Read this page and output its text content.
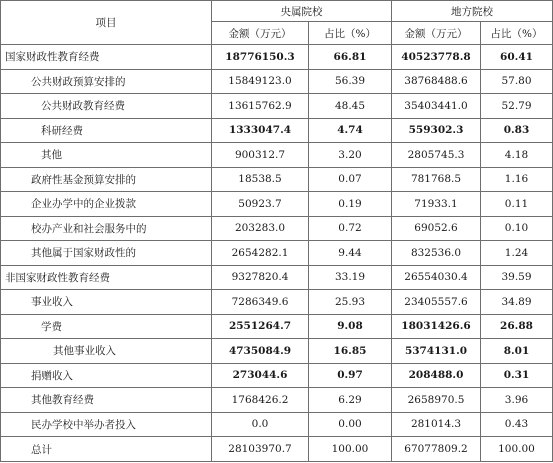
项目	央属院校		地方院校	
	金额（万元）	占比（%）	金额（万元）	占比（%）
国家财政性教育经费	18776150.3	66.81	40523778.8	60.41
公共财政预算安排的	15849123.0	56.39	38768488.6	57.80
公共财政教育经费	13615762.9	48.45	35403441.0	52.79
科研经费	1333047.4	4.74	559302.3	0.83
其他	900312.7	3.20	2805745.3	4.18
政府性基金预算安排的	18538.5	0.07	781768.5	1.16
企业办学中的企业拨款	50923.7	0.19	71933.1	0.11
校办产业和社会服务中的	203283.0	0.72	69052.6	0.10
其他属于国家财政性的	2654282.1	9.44	832536.0	1.24
非国家财政性教育经费	9327820.4	33.19	26554030.4	39.59
事业收入	7286349.6	25.93	23405557.6	34.89
学费	2551264.7	9.08	18031426.6	26.88
其他事业收入	4735084.9	16.85	5374131.0	8.01
捐赠收入	273044.6	0.97	208488.0	0.31
其他教育经费	1768426.2	6.29	2658970.5	3.96
民办学校中举办者投入	0.0	0.00	281014.3	0.43
总计	28103970.7	100.00	67077809.2	100.00
